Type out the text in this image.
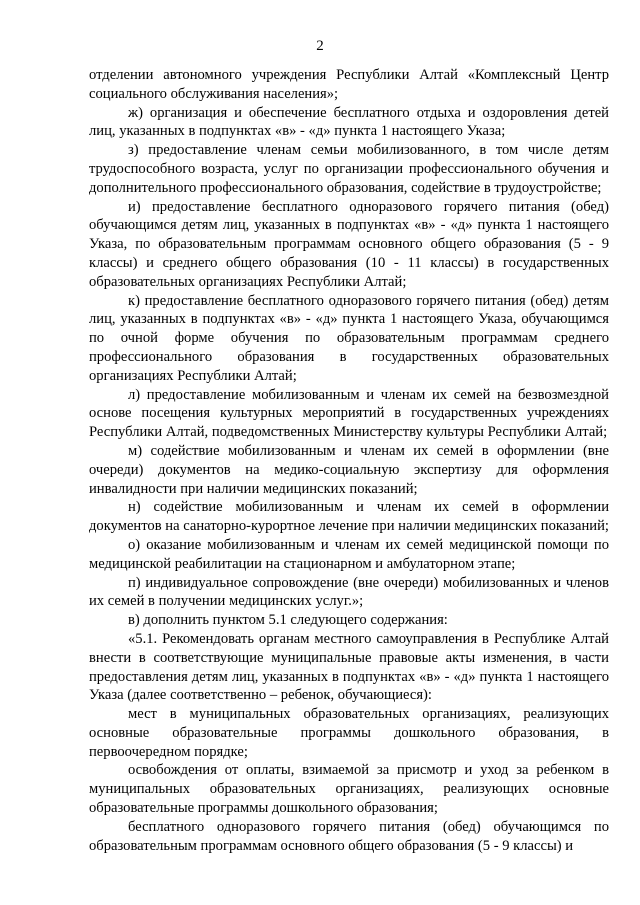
2

отделении автономного учреждения Республики Алтай «Комплексный Центр социального обслуживания населения»;

ж) организация и обеспечение бесплатного отдыха и оздоровления детей лиц, указанных в подпунктах «в» - «д» пункта 1 настоящего Указа;

з) предоставление членам семьи мобилизованного, в том числе детям трудоспособного возраста, услуг по организации профессионального обучения и дополнительного профессионального образования, содействие в трудоустройстве;

и) предоставление бесплатного одноразового горячего питания (обед) обучающимся детям лиц, указанных в подпунктах «в» - «д» пункта 1 настоящего Указа, по образовательным программам основного общего образования (5 - 9 классы) и среднего общего образования (10 - 11 классы) в государственных образовательных организациях Республики Алтай;

к) предоставление бесплатного одноразового горячего питания (обед) детям лиц, указанных в подпунктах «в» - «д» пункта 1 настоящего Указа, обучающимся по очной форме обучения по образовательным программам среднего профессионального образования в государственных образовательных организациях Республики Алтай;

л) предоставление мобилизованным и членам их семей на безвозмездной основе посещения культурных мероприятий в государственных учреждениях Республики Алтай, подведомственных Министерству культуры Республики Алтай;

м) содействие мобилизованным и членам их семей в оформлении (вне очереди) документов на медико-социальную экспертизу для оформления инвалидности при наличии медицинских показаний;

н) содействие мобилизованным и членам их семей в оформлении документов на санаторно-курортное лечение при наличии медицинских показаний;

о) оказание мобилизованным и членам их семей медицинской помощи по медицинской реабилитации на стационарном и амбулаторном этапе;

п) индивидуальное сопровождение (вне очереди) мобилизованных и членов их семей в получении медицинских услуг.»;

в) дополнить пунктом 5.1 следующего содержания:

«5.1. Рекомендовать органам местного самоуправления в Республике Алтай внести в соответствующие муниципальные правовые акты изменения, в части предоставления детям лиц, указанных в подпунктах «в» - «д» пункта 1 настоящего Указа (далее соответственно – ребенок, обучающиеся):

мест в муниципальных образовательных организациях, реализующих основные образовательные программы дошкольного образования, в первоочередном порядке;

освобождения от оплаты, взимаемой за присмотр и уход за ребенком в муниципальных образовательных организациях, реализующих основные образовательные программы дошкольного образования;

бесплатного одноразового горячего питания (обед) обучающимся по образовательным программам основного общего образования (5 - 9 классы) и
